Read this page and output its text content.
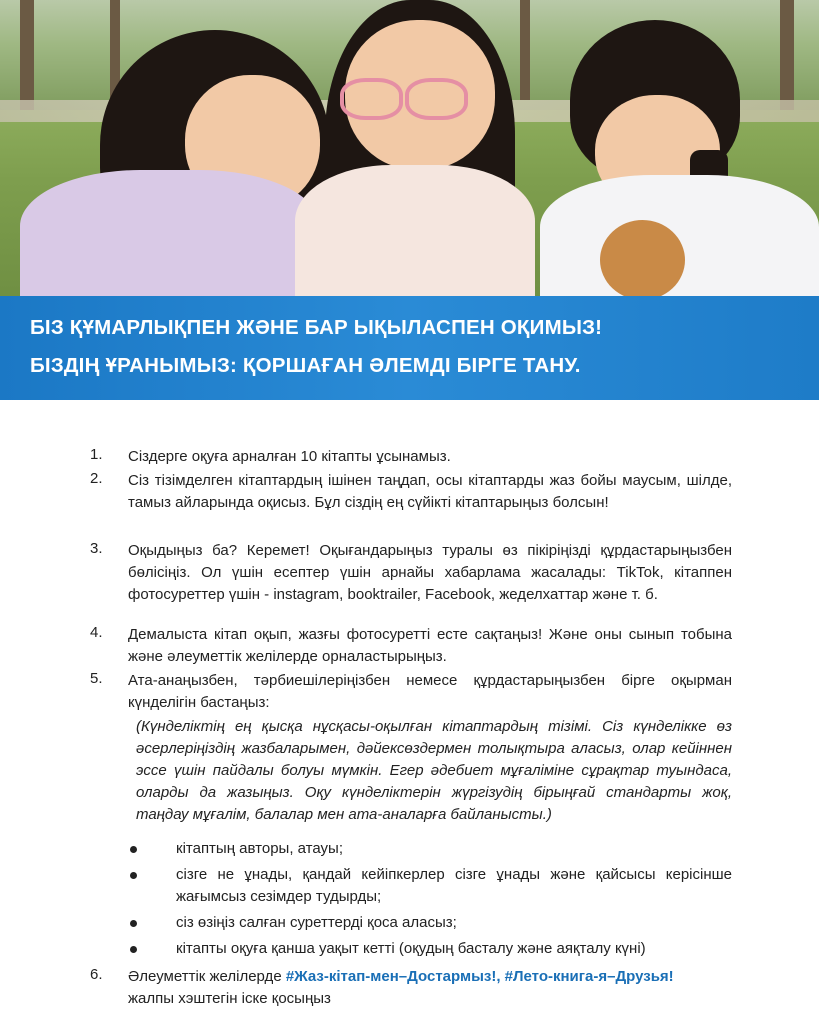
БІЗ ҚҰМАРЛЫҚПЕН ЖӘНЕ БАР ЫҚЫЛАСПЕН ОҚИМЫЗ!
БІЗДІҢ ҰРАНЫМЫЗ: ҚОРШАҒАН ӘЛЕМДІ БІРГЕ ТАНУ.
1. Сіздерге оқуға арналған 10 кітапты ұсынамыз.
2. Сіз тізімделген кітаптардың ішінен таңдап, осы кітаптарды жаз бойы маусым, шілде, тамыз айларында оқисыз. Бұл сіздің ең сүйікті кітаптарыңыз болсын!
3. Оқыдыңыз ба? Керемет! Оқығандарыңыз туралы өз пікіріңізді құрдастарыңызбен бөлісіңіз. Ол үшін есептер үшін арнайы хабарлама жасалады: TikTok, кітаппен фотосуреттер үшін - instagram, booktrailer, Facebook, жеделхаттар және т. б.
4. Демалыста кітап оқып, жазғы фотосуретті есте сақтаңыз! Және оны сынып тобына және әлеуметтік желілерде орналастырыңыз.
5. Ата-анаңызбен, тәрбиешілеріңізбен немесе құрдастарыңызбен бірге оқырман күнделігін бастаңыз:
(Күнделіктің ең қысқа нұсқасы-оқылған кітаптардың тізімі. Сіз күнделікке өз әсерлеріңіздің жазбаларымен, дәйексөздермен толықтыра аласыз, олар кейіннен эссе үшін пайдалы болуы мүмкін. Егер әдебиет мұғаліміне сұрақтар туындаса, оларды да жазыңыз. Оқу күнделіктерін жүргізудің бірыңғай стандарты жоқ, таңдау мұғалім, балалар мен ата-аналарға байланысты.)
кітаптың авторы, атауы;
сізге не ұнады, қандай кейіпкерлер сізге ұнады және қайсысы керісінше жағымсыз сезімдер тудырды;
сіз өзіңіз салған суреттерді қоса аласыз;
кітапты оқуға қанша уақыт кетті (оқудың басталу және аяқталу күні)
6. Әлеуметтік желілерде #Жаз-кітап-мен–Достармыз!, #Лето-книга-я–Друзья!
жалпы хэштегін іске қосыңыз
